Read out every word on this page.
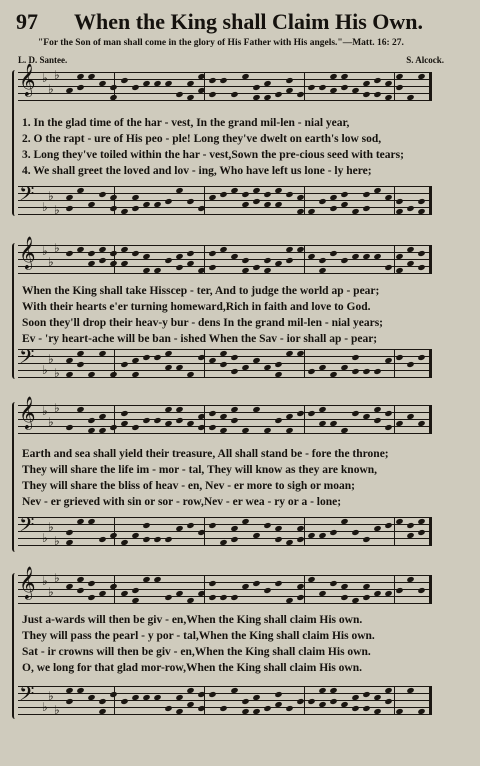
97 When the King shall Claim His Own.
"For the Son of man shall come in the glory of His Father with His angels."—Matt. 16: 27.
L. D. Santee.	S. Alcock.
𝄞 ♭
♭
♭
1. In the glad time of the har - vest, In the grand mil-len - nial year,
2. O the rapt - ure of His peo - ple! Long they've dwelt on earth's low sod,
3. Long they've toiled within the har - vest,Sown the pre-cious seed with tears;
4. We shall greet the loved and lov - ing, Who have left us lone - ly here;
𝄢 ♭
♭
♭
𝄞 ♭
♭
♭
When the King shall take Hisscep - ter, And to judge the world ap - pear;
With their hearts e'er turning homeward,Rich in faith and love to God.
Soon they'll drop their heav-y bur - dens In the grand mil-len - nial years;
Ev - 'ry heart-ache will be ban - ished When the Sav - ior shall ap - pear;
𝄢 ♭
♭
♭
𝄞 ♭
♭
♭
Earth and sea shall yield their treasure, All shall stand be - fore the throne;
They will share the life im - mor - tal, They will know as they are known,
They will share the bliss of heav - en, Nev - er more to sigh or moan;
Nev - er grieved with sin or sor - row,Nev - er wea - ry or a - lone;
𝄢 ♭
♭
♭
𝄞 ♭
♭
♭
Just a-wards will then be giv - en,When the King shall claim His own.
They will pass the pearl - y por - tal,When the King shall claim His own.
Sat - ir crowns will then be giv - en,When the King shall claim His own.
O, we long for that glad mor-row,When the King shall claim His own.
𝄢 ♭
♭
♭
